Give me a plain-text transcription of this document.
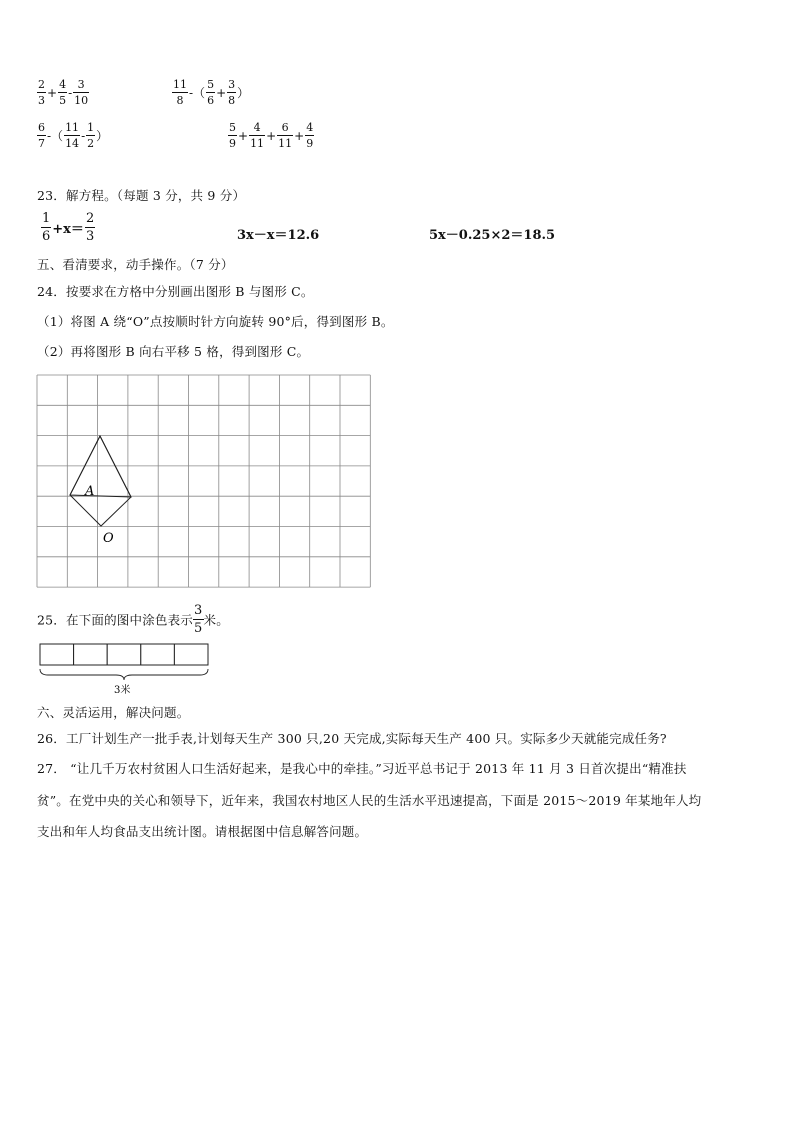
$\frac{2}{3} + \frac{4}{5} - \frac{3}{10}$	$\frac{11}{8}$ -（ $\frac{5}{6} + \frac{3}{8}$ ）
$\frac{6}{7}$ -（ $\frac{11}{14} - \frac{1}{2}$ ）	$\frac{5}{9} + \frac{4}{11} + \frac{6}{11} + \frac{4}{9}$
23．解方程。（每题 3 分，共 9 分）
$\frac{1}{6} +x= \frac{2}{3}$	3x－x＝12.6	5x－0.25×2＝18.5
五、看清要求，动手操作。（7 分）
24．按要求在方格中分别画出图形 B 与图形 C。
（1）将图 A 绕“O”点按顺时针方向旋转 90°后，得到图形 B。
（2）再将图形 B 向右平移 5 格，得到图形 C。
A
O
25．在下面的图中涂色表示 $\frac{3}{5}$ 米。
3米
六、灵活运用，解决问题。
26．工厂计划生产一批手表,计划每天生产 300 只,20 天完成,实际每天生产 400 只。实际多少天就能完成任务?
27． “让几千万农村贫困人口生活好起来，是我心中的牵挂。”习近平总书记于 2013 年 11 月 3 日首次提出“精准扶
贫”。在党中央的关心和领导下，近年来，我国农村地区人民的生活水平迅速提高，下面是 2015～2019 年某地年人均
支出和年人均食品支出统计图。请根据图中信息解答问题。
